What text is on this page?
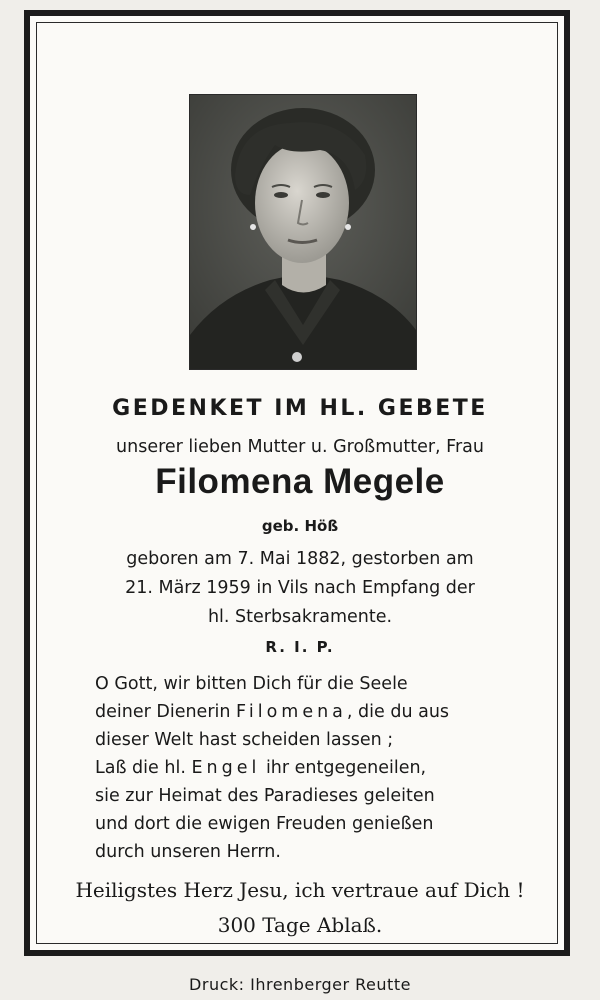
GEDENKET IM HL. GEBETE
unserer lieben Mutter u. Großmutter, Frau
Filomena Megele
geb. Höß
geboren am 7. Mai 1882, gestorben am
21. März 1959 in Vils nach Empfang der
hl. Sterbsakramente.
R. I. P.
O Gott, wir bitten Dich für die Seele
deiner Dienerin Filomena, die du aus
dieser Welt hast scheiden lassen ;
Laß die hl. Engel ihr entgegeneilen,
sie zur Heimat des Paradieses geleiten
und dort die ewigen Freuden genießen
durch unseren Herrn.
Heiligstes Herz Jesu, ich vertraue auf Dich !
300 Tage Ablaß.
Druck: Ihrenberger Reutte
